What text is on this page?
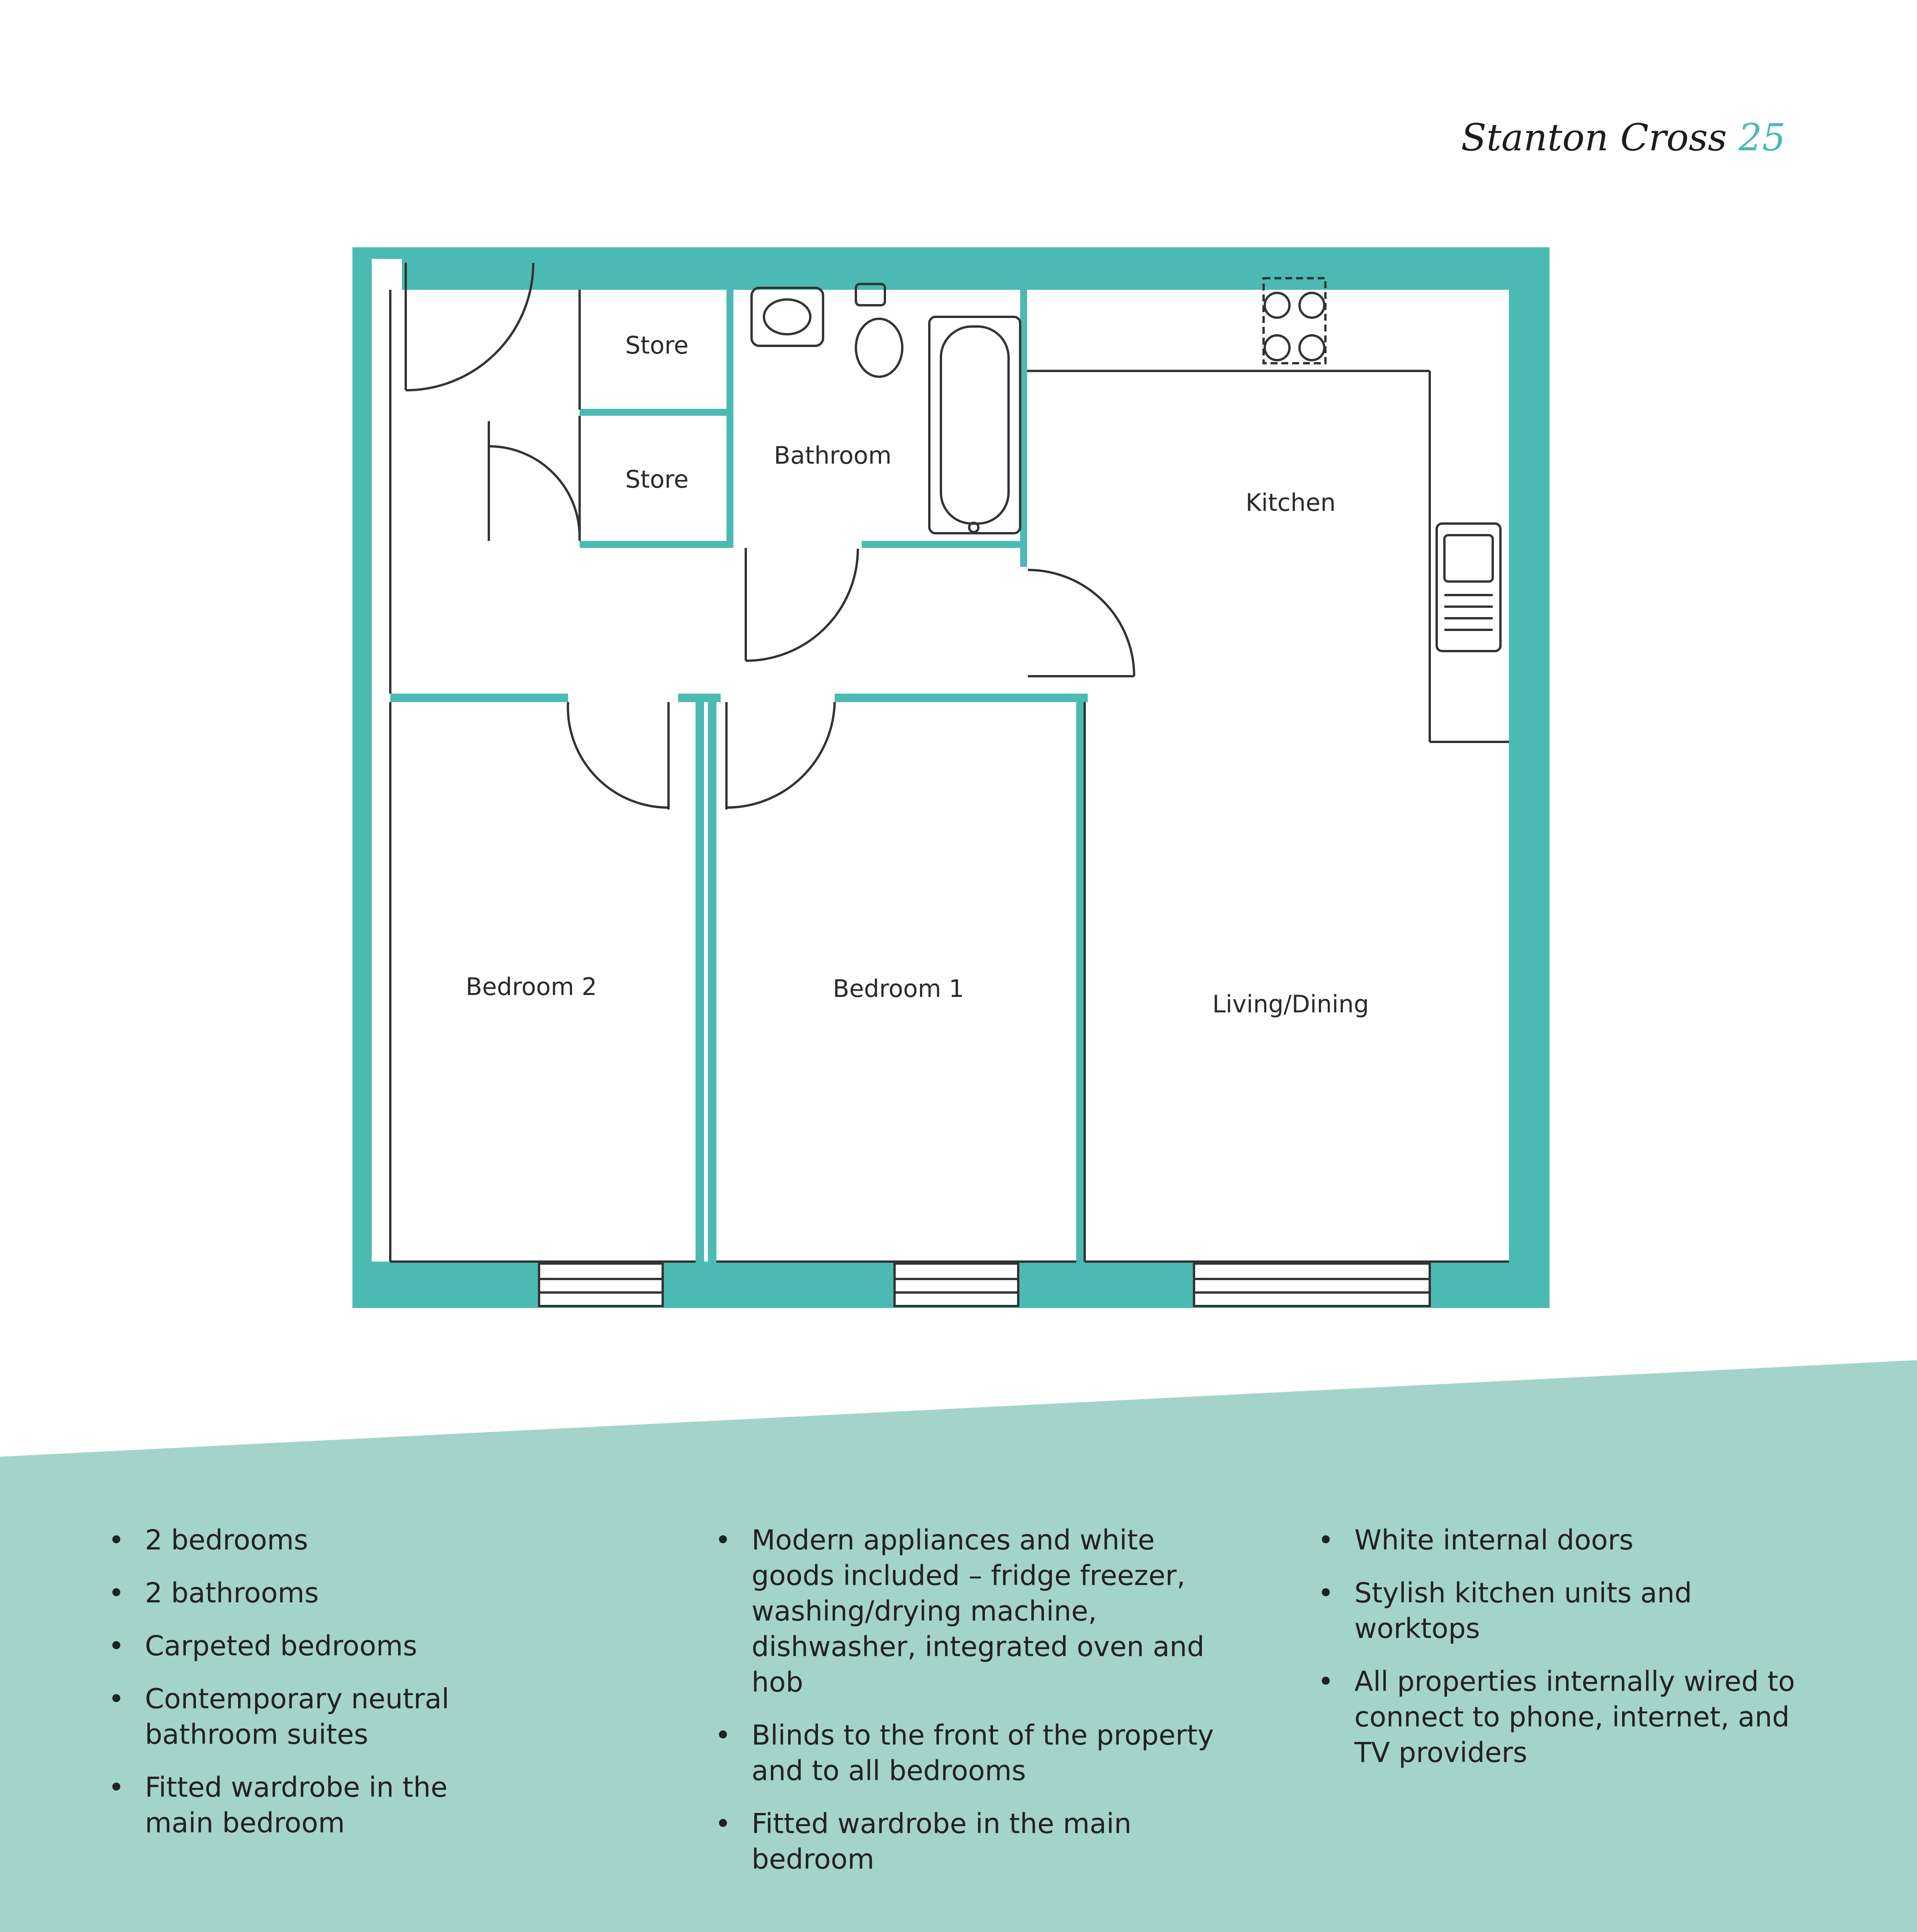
Stanton Cross 25
Store
Store
Bathroom
Kitchen
Bedroom 2	Bedroom 1
Living/Dining
• 2 bedrooms
• 2 bathrooms
• Carpeted bedrooms
• Contemporary neutral bathroom suites
• Fitted wardrobe in the main bedroom
• Modern appliances and white goods included – fridge freezer, washing/drying machine, dishwasher, integrated oven and hob
• Blinds to the front of the property and to all bedrooms
• Fitted wardrobe in the main bedroom
• White internal doors
• Stylish kitchen units and worktops
• All properties internally wired to connect to phone, internet, and TV providers
